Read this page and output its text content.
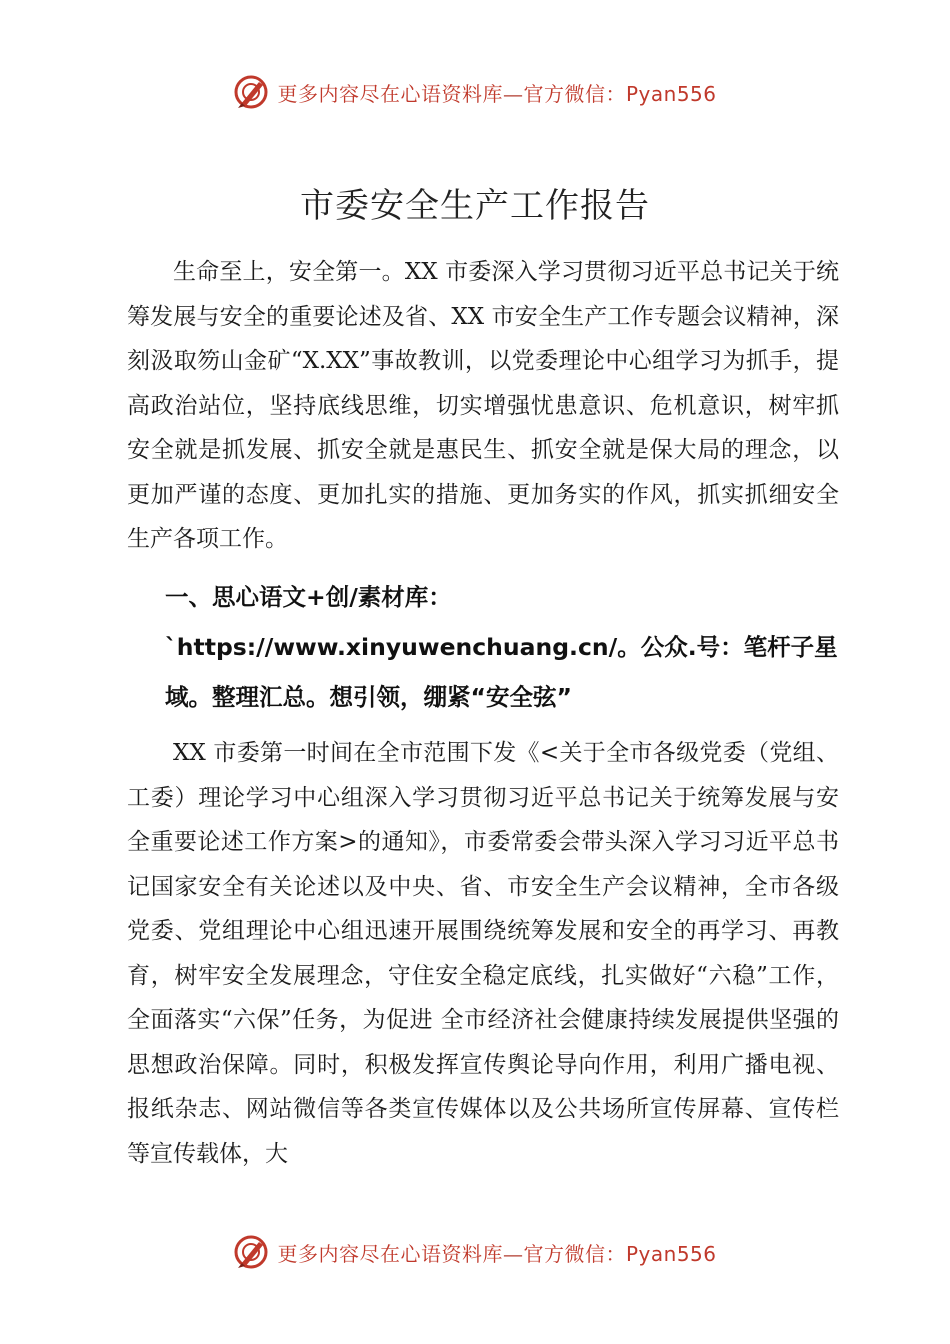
更多内容尽在心语资料库—官方微信：Pyan556
市委安全生产工作报告

生命至上，安全第一。XX 市委深入学习贯彻习近平总书记关于统筹发展与安全的重要论述及省、XX 市安全生产工作专题会议精神，深刻汲取笏山金矿“X.XX”事故教训，以党委理论中心组学习为抓手，提高政治站位，坚持底线思维，切实增强忧患意识、危机意识，树牢抓安全就是抓发展、抓安全就是惠民生、抓安全就是保大局的理念，以更加严谨的态度、更加扎实的措施、更加务实的作风，抓实抓细安全生产各项工作。

一、思心语文+创/素材库：`https://www.xinyuwenchuang.cn/。公众.号：笔杆子星域。整理汇总。想引领，绷紧“安全弦”

XX 市委第一时间在全市范围下发《<关于全市各级党委（党组、工委）理论学习中心组深入学习贯彻习近平总书记关于统筹发展与安全重要论述工作方案>的通知》，市委常委会带头深入学习习近平总书记国家安全有关论述以及中央、省、市安全生产会议精神，全市各级党委、党组理论中心组迅速开展围绕统筹发展和安全的再学习、再教育，树牢安全发展理念，守住安全稳定底线，扎实做好“六稳”工作，全面落实“六保”任务，为促进 全市经济社会健康持续发展提供坚强的思想政治保障。同时，积极发挥宣传舆论导向作用，利用广播电视、报纸杂志、网站微信等各类宣传媒体以及公共场所宣传屏幕、宣传栏等宣传载体，大

更多内容尽在心语资料库—官方微信：Pyan556
